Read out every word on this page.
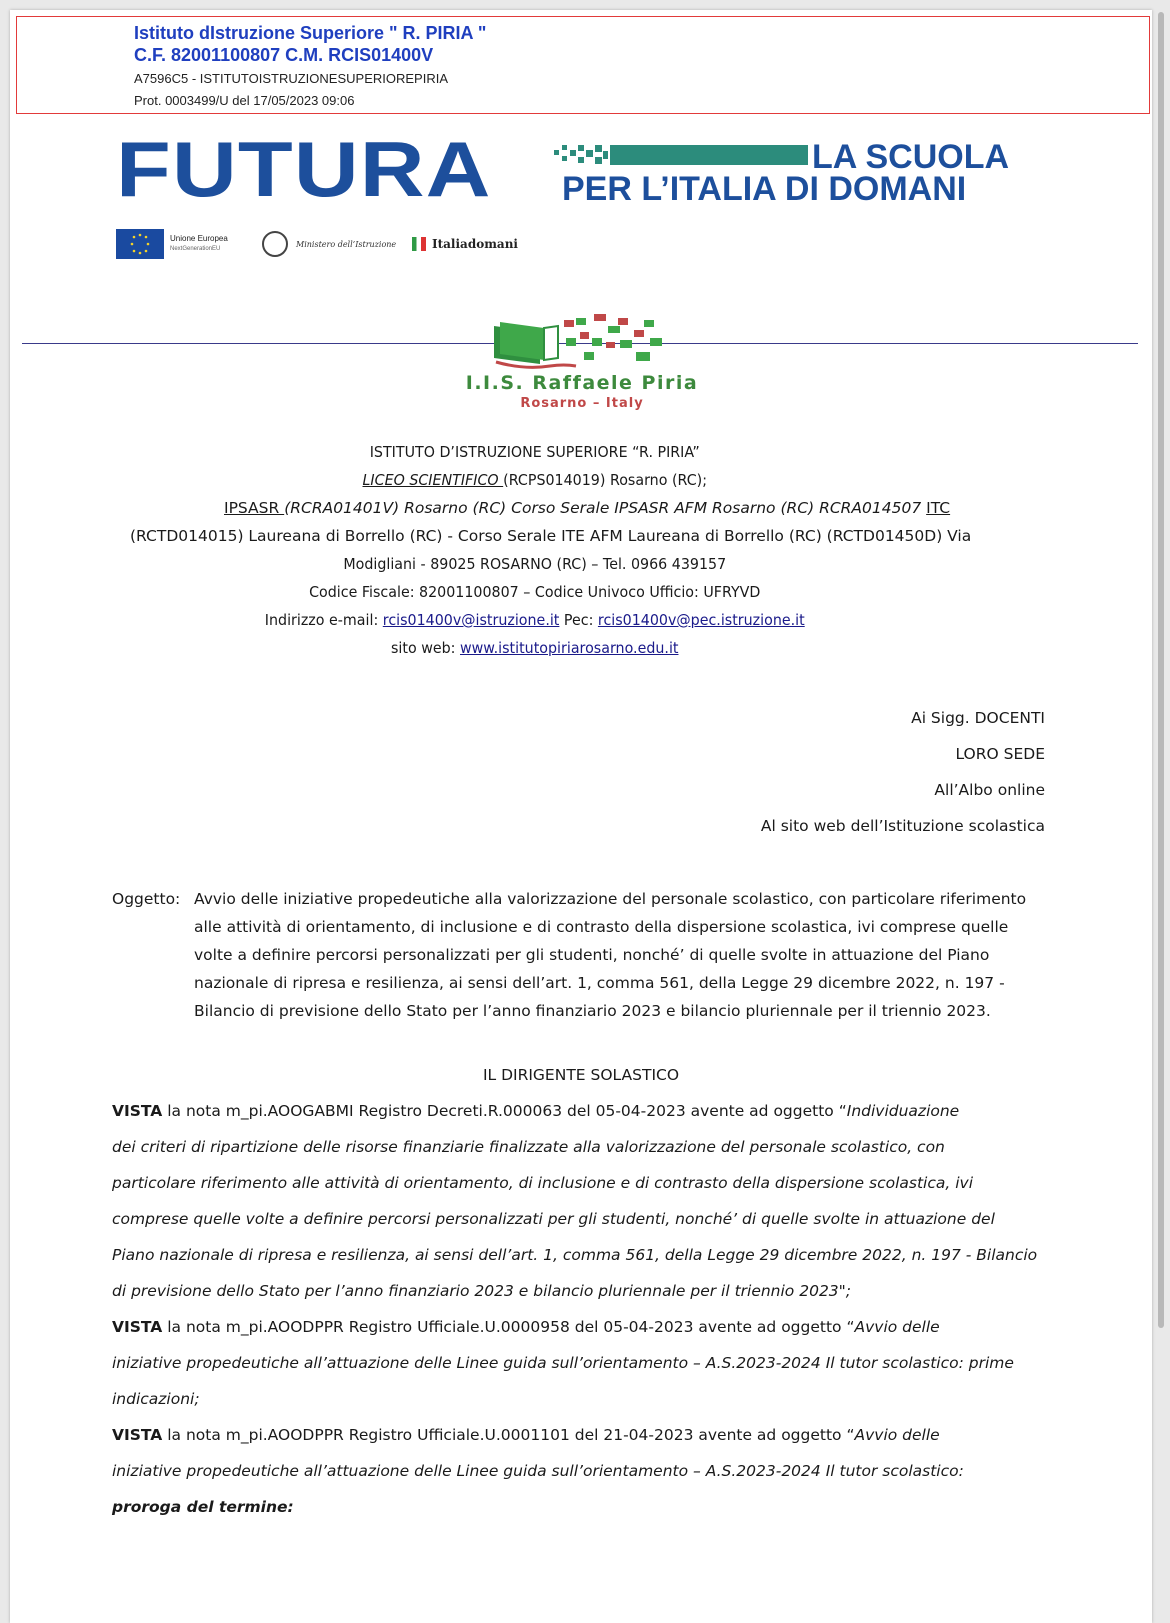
Istituto dIstruzione Superiore " R. PIRIA "
C.F. 82001100807 C.M. RCIS01400V
A7596C5 - ISTITUTOISTRUZIONESUPERIOREPIRIA
Prot. 0003499/U del 17/05/2023 09:06
FUTURA	LA SCUOLA
PER L’ITALIA DI DOMANI
Unione Europea
NextGenerationEU
Ministero dell’Istruzione	Italiadomani
I.I.S. Raffaele Piria
Rosarno – Italy
ISTITUTO D’ISTRUZIONE SUPERIORE “R. PIRIA”
LICEO SCIENTIFICO (RCPS014019) Rosarno (RC);
IPSASR (RCRA01401V) Rosarno (RC) Corso Serale IPSASR AFM Rosarno (RC) RCRA014507 ITC
(RCTD014015) Laureana di Borrello (RC) - Corso Serale ITE AFM Laureana di Borrello (RC) (RCTD01450D) Via
Modigliani - 89025 ROSARNO (RC) – Tel. 0966 439157
Codice Fiscale: 82001100807 – Codice Univoco Ufficio: UFRYVD
Indirizzo e-mail: rcis01400v@istruzione.it Pec: rcis01400v@pec.istruzione.it
sito web: www.istitutopiriarosarno.edu.it
Ai Sigg. DOCENTI
LORO SEDE
All’Albo online
Al sito web dell’Istituzione scolastica
Oggetto: Avvio delle iniziative propedeutiche alla valorizzazione del personale scolastico, con particolare riferimento
alle attività di orientamento, di inclusione e di contrasto della dispersione scolastica, ivi comprese quelle
volte a definire percorsi personalizzati per gli studenti, nonché’ di quelle svolte in attuazione del Piano
nazionale di ripresa e resilienza, ai sensi dell’art. 1, comma 561, della Legge 29 dicembre 2022, n. 197 -
Bilancio di previsione dello Stato per l’anno finanziario 2023 e bilancio pluriennale per il triennio 2023.
IL DIRIGENTE SOLASTICO
VISTA la nota m_pi.AOOGABMI Registro Decreti.R.000063 del 05-04-2023 avente ad oggetto “Individuazione
dei criteri di ripartizione delle risorse finanziarie finalizzate alla valorizzazione del personale scolastico, con
particolare riferimento alle attività di orientamento, di inclusione e di contrasto della dispersione scolastica, ivi
comprese quelle volte a definire percorsi personalizzati per gli studenti, nonché’ di quelle svolte in attuazione del
Piano nazionale di ripresa e resilienza, ai sensi dell’art. 1, comma 561, della Legge 29 dicembre 2022, n. 197 - Bilancio
di previsione dello Stato per l’anno finanziario 2023 e bilancio pluriennale per il triennio 2023";
VISTA la nota m_pi.AOODPPR Registro Ufficiale.U.0000958 del 05-04-2023 avente ad oggetto “Avvio delle
iniziative propedeutiche all’attuazione delle Linee guida sull’orientamento – A.S.2023-2024 Il tutor scolastico: prime
indicazioni;
VISTA la nota m_pi.AOODPPR Registro Ufficiale.U.0001101 del 21-04-2023 avente ad oggetto “Avvio delle
iniziative propedeutiche all’attuazione delle Linee guida sull’orientamento – A.S.2023-2024 Il tutor scolastico:
proroga del termine:
